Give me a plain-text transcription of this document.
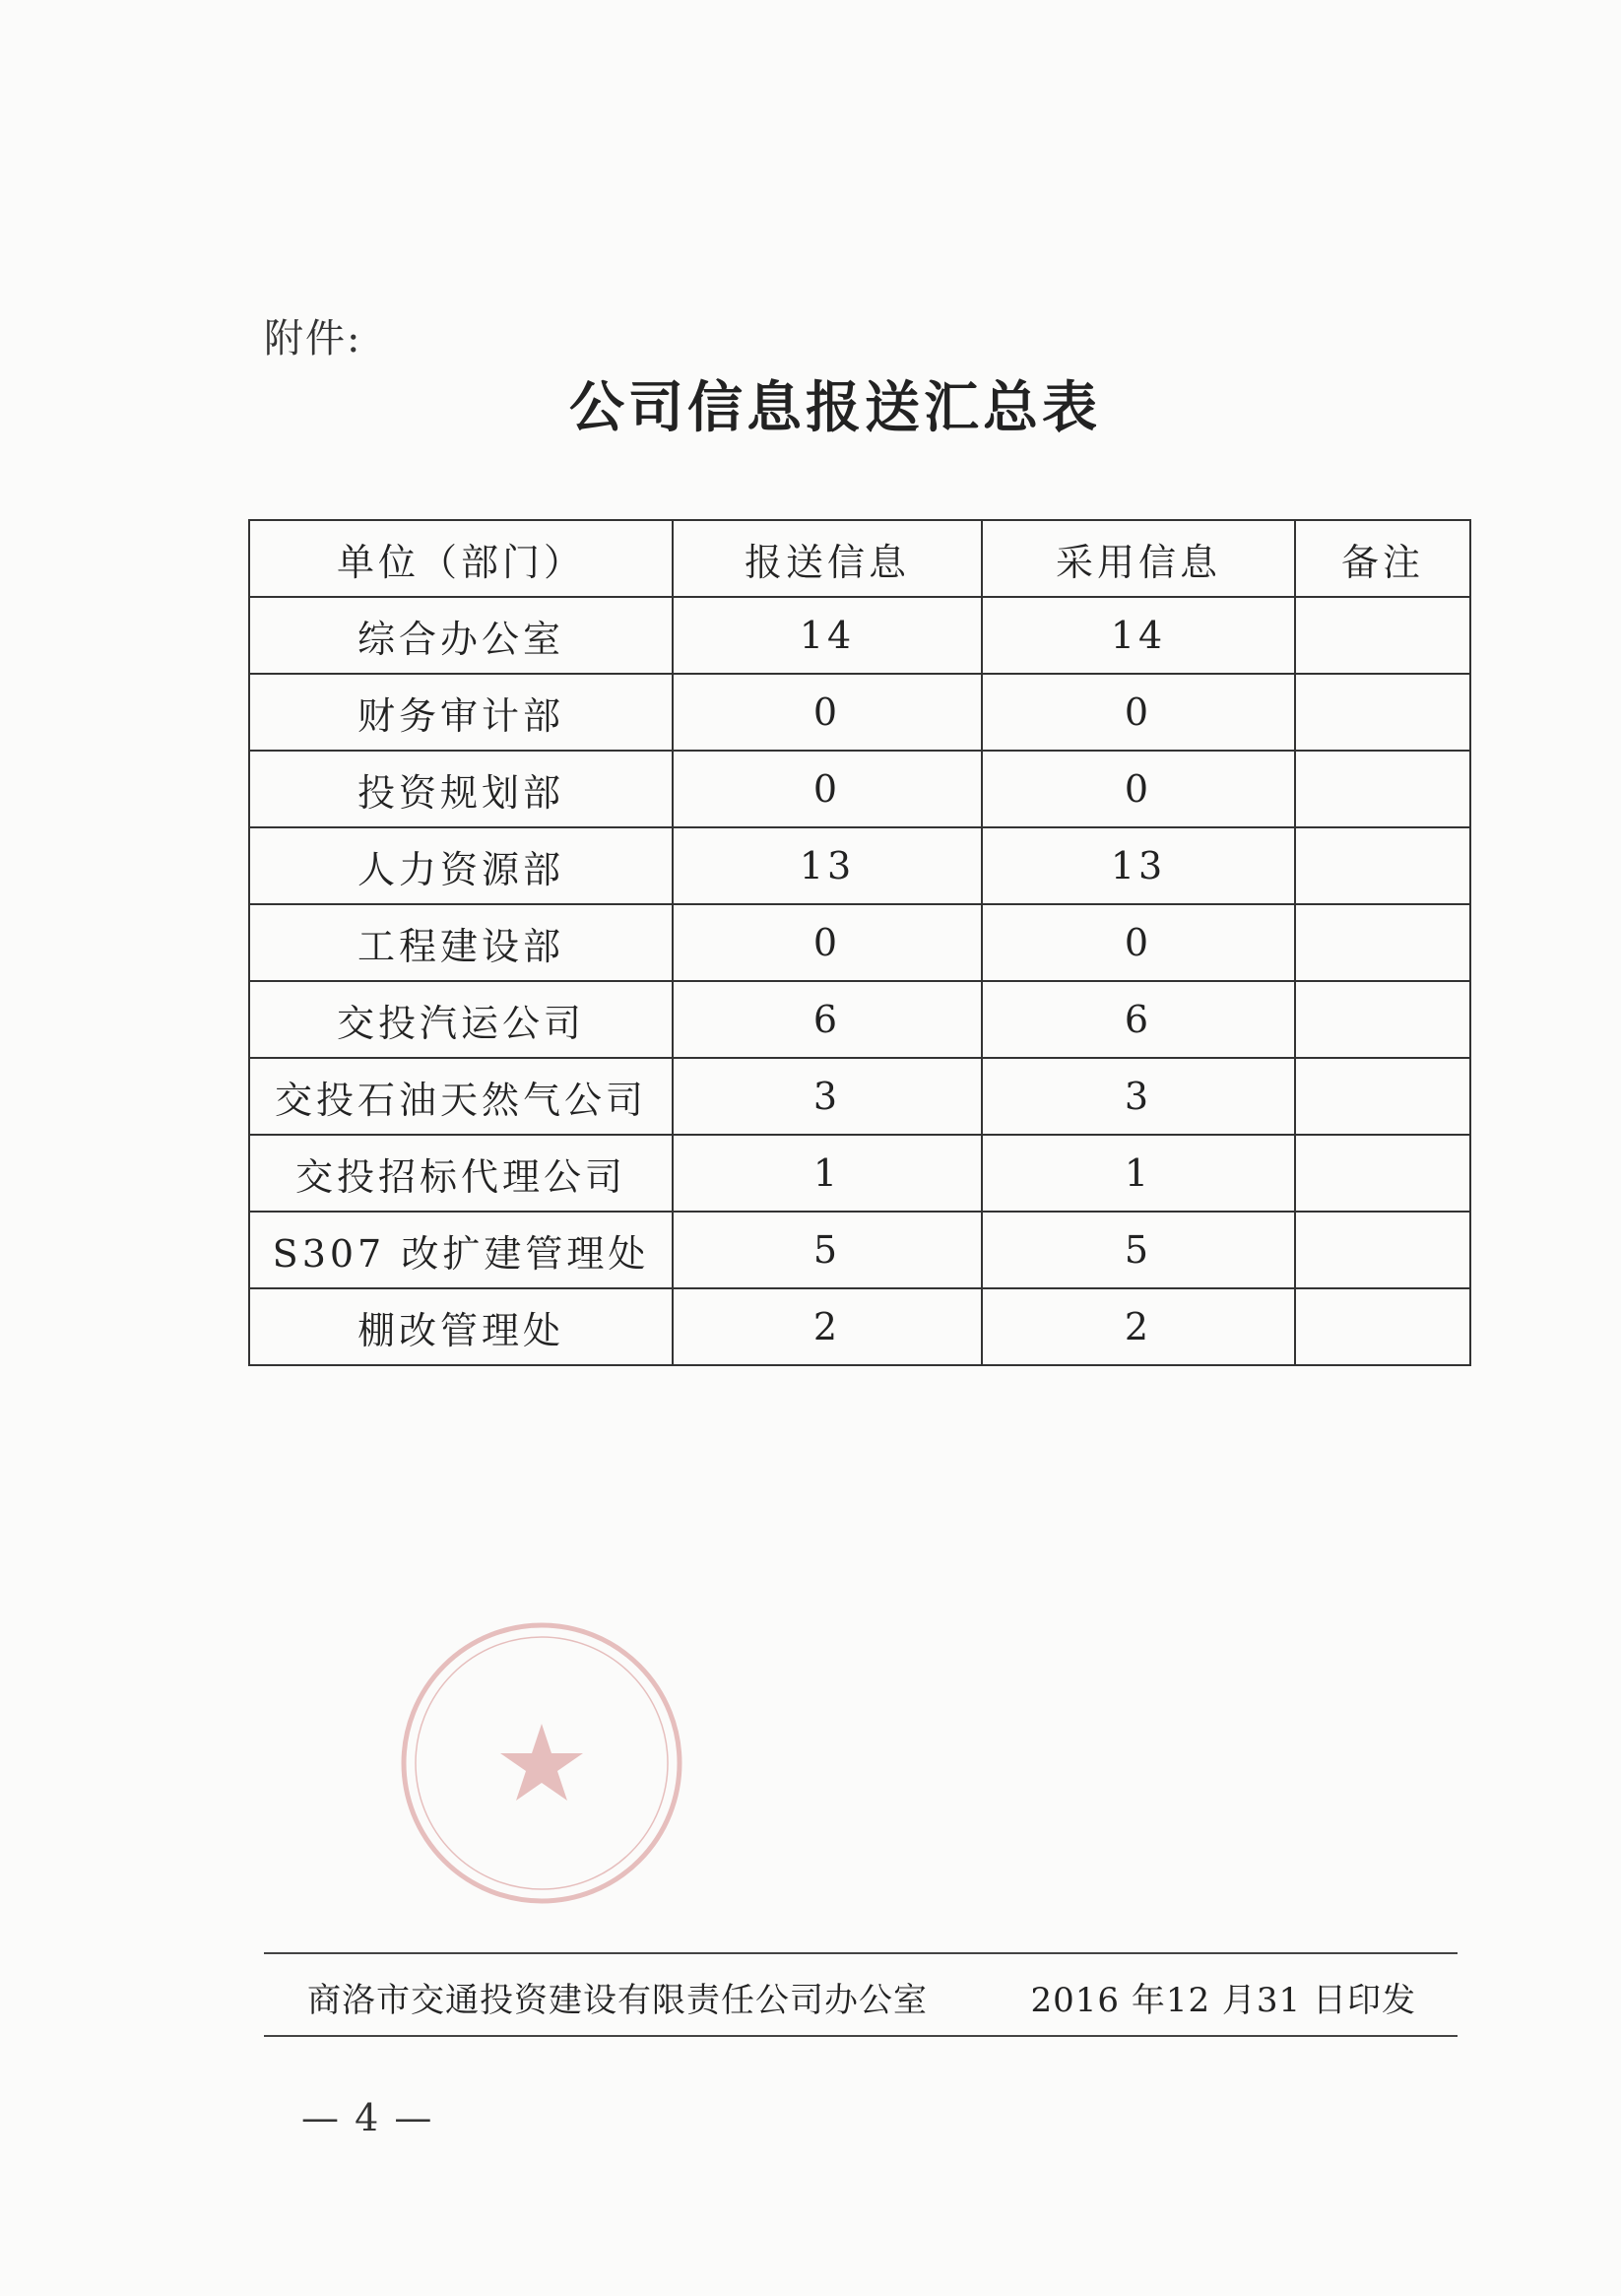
附件:
公司信息报送汇总表
单位（部门）	报送信息	采用信息	备注
综合办公室	14	14	
财务审计部	0	0	
投资规划部	0	0	
人力资源部	13	13	
工程建设部	0	0	
交投汽运公司	6	6	
交投石油天然气公司	3	3	
交投招标代理公司	1	1	
S307 改扩建管理处	5	5	
棚改管理处	2	2	
商洛市交通投资建设有限责任公司办公室	2016 年12 月31 日印发
— 4 —
